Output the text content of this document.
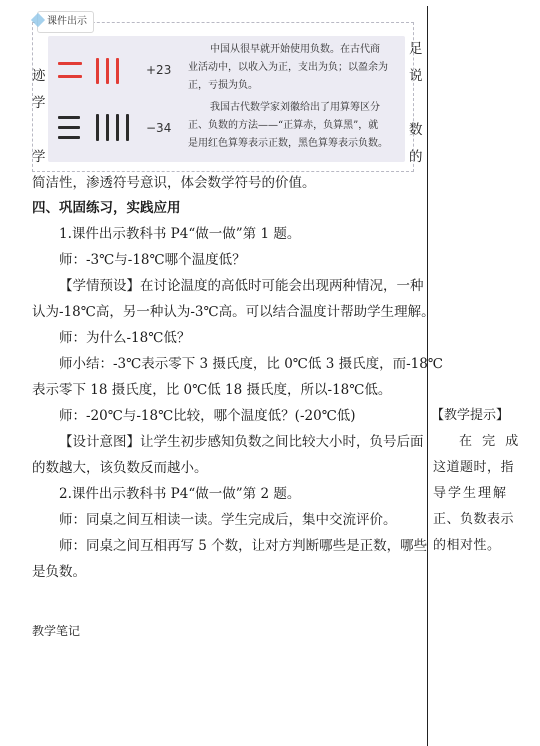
足
迹	说
学
数
学	的
课件出示
+23
−34
中国从很早就开始使用负数。在古代商
业活动中，以收入为正，支出为负；以盈余为
正，亏损为负。
我国古代数学家刘徽给出了用算筹区分
正、负数的方法——“正算赤，负算黑”，就
是用红色算筹表示正数，黑色算筹表示负数。
简洁性，渗透符号意识，体会数学符号的价值。
四、巩固练习，实践应用
1.课件出示教科书 P4“做一做”第 1 题。
师：-3℃与-18℃哪个温度低？
【学情预设】在讨论温度的高低时可能会出现两种情况，一种
认为-18℃高，另一种认为-3℃高。可以结合温度计帮助学生理解。
师：为什么-18℃低？
师小结：-3℃表示零下 3 摄氏度，比 0℃低 3 摄氏度，而-18℃
表示零下 18 摄氏度，比 0℃低 18 摄氏度，所以-18℃低。
师：-20℃与-18℃比较，哪个温度低？(-20℃低)
【设计意图】让学生初步感知负数之间比较大小时，负号后面
的数越大，该负数反而越小。
2.课件出示教科书 P4“做一做”第 2 题。
师：同桌之间互相读一读。学生完成后，集中交流评价。
师：同桌之间互相再写 5 个数，让对方判断哪些是正数，哪些
是负数。
教学笔记
【教学提示】
在 完 成
这道题时，指
导学生理解
正、负数表示
的相对性。
